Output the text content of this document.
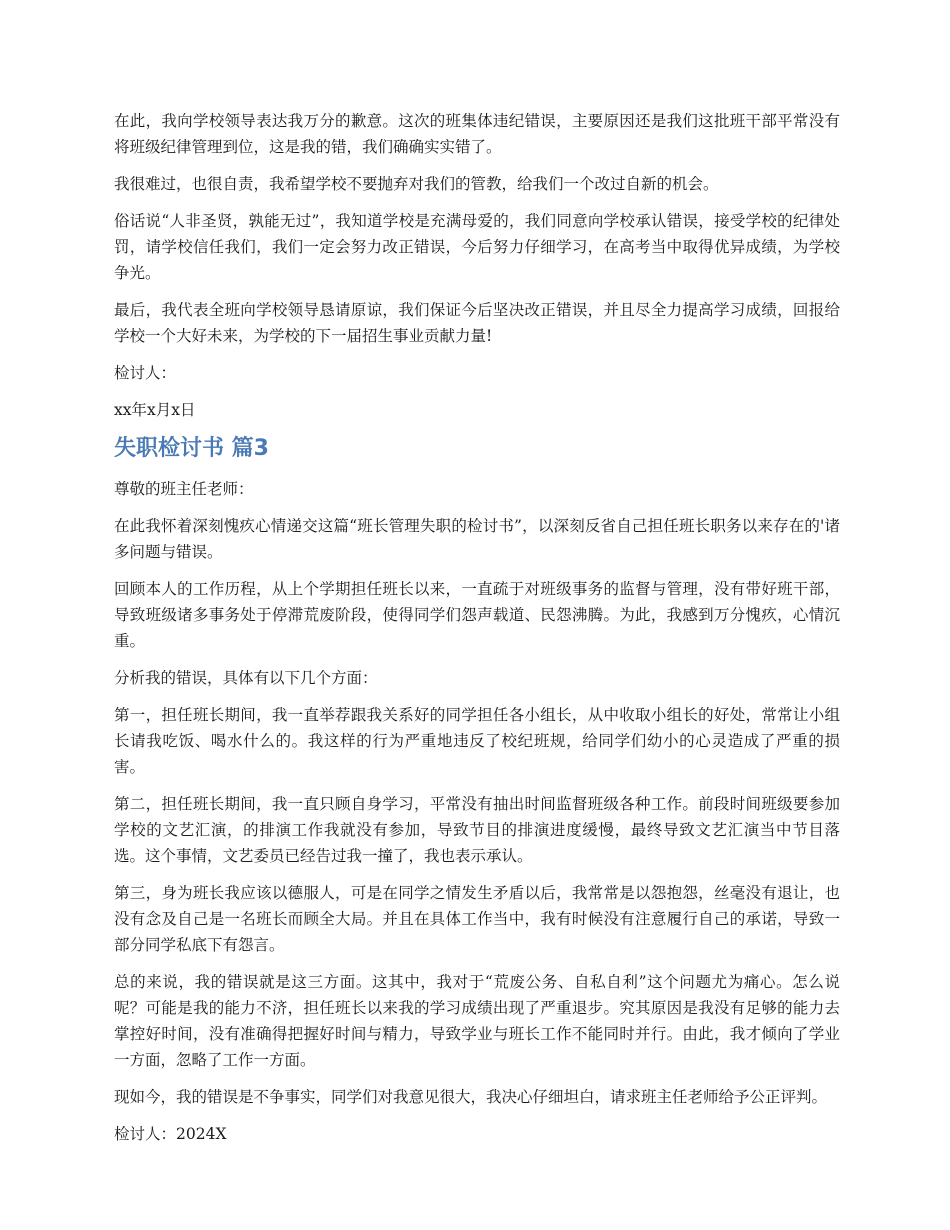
在此，我向学校领导表达我万分的歉意。这次的班集体违纪错误，主要原因还是我们这批班干部平常没有将班级纪律管理到位，这是我的错，我们确确实实错了。

我很难过，也很自责，我希望学校不要抛弃对我们的管教，给我们一个改过自新的机会。

俗话说“人非圣贤，孰能无过”，我知道学校是充满母爱的，我们同意向学校承认错误，接受学校的纪律处罚，请学校信任我们，我们一定会努力改正错误，今后努力仔细学习，在高考当中取得优异成绩，为学校争光。

最后，我代表全班向学校领导恳请原谅，我们保证今后坚决改正错误，并且尽全力提高学习成绩，回报给学校一个大好未来，为学校的下一届招生事业贡献力量!

检讨人：

xx年x月x日

失职检讨书 篇3

尊敬的班主任老师：

在此我怀着深刻愧疚心情递交这篇“班长管理失职的检讨书”，以深刻反省自己担任班长职务以来存在的'诸多问题与错误。

回顾本人的工作历程，从上个学期担任班长以来，一直疏于对班级事务的监督与管理，没有带好班干部，导致班级诸多事务处于停滞荒废阶段，使得同学们怨声载道、民怨沸腾。为此，我感到万分愧疚，心情沉重。

分析我的错误，具体有以下几个方面：

第一，担任班长期间，我一直举荐跟我关系好的同学担任各小组长，从中收取小组长的好处，常常让小组长请我吃饭、喝水什么的。我这样的行为严重地违反了校纪班规，给同学们幼小的心灵造成了严重的损害。

第二，担任班长期间，我一直只顾自身学习，平常没有抽出时间监督班级各种工作。前段时间班级要参加学校的文艺汇演，的排演工作我就没有参加，导致节目的排演进度缓慢，最终导致文艺汇演当中节目落选。这个事情，文艺委员已经告过我一撞了，我也表示承认。

第三，身为班长我应该以德服人，可是在同学之情发生矛盾以后，我常常是以怨抱怨，丝毫没有退让，也没有念及自己是一名班长而顾全大局。并且在具体工作当中，我有时候没有注意履行自己的承诺，导致一部分同学私底下有怨言。

总的来说，我的错误就是这三方面。这其中，我对于“荒废公务、自私自利”这个问题尤为痛心。怎么说呢？可能是我的能力不济，担任班长以来我的学习成绩出现了严重退步。究其原因是我没有足够的能力去掌控好时间，没有准确得把握好时间与精力，导致学业与班长工作不能同时并行。由此，我才倾向了学业一方面，忽略了工作一方面。

现如今，我的错误是不争事实，同学们对我意见很大，我决心仔细坦白，请求班主任老师给予公正评判。

检讨人：2024X
